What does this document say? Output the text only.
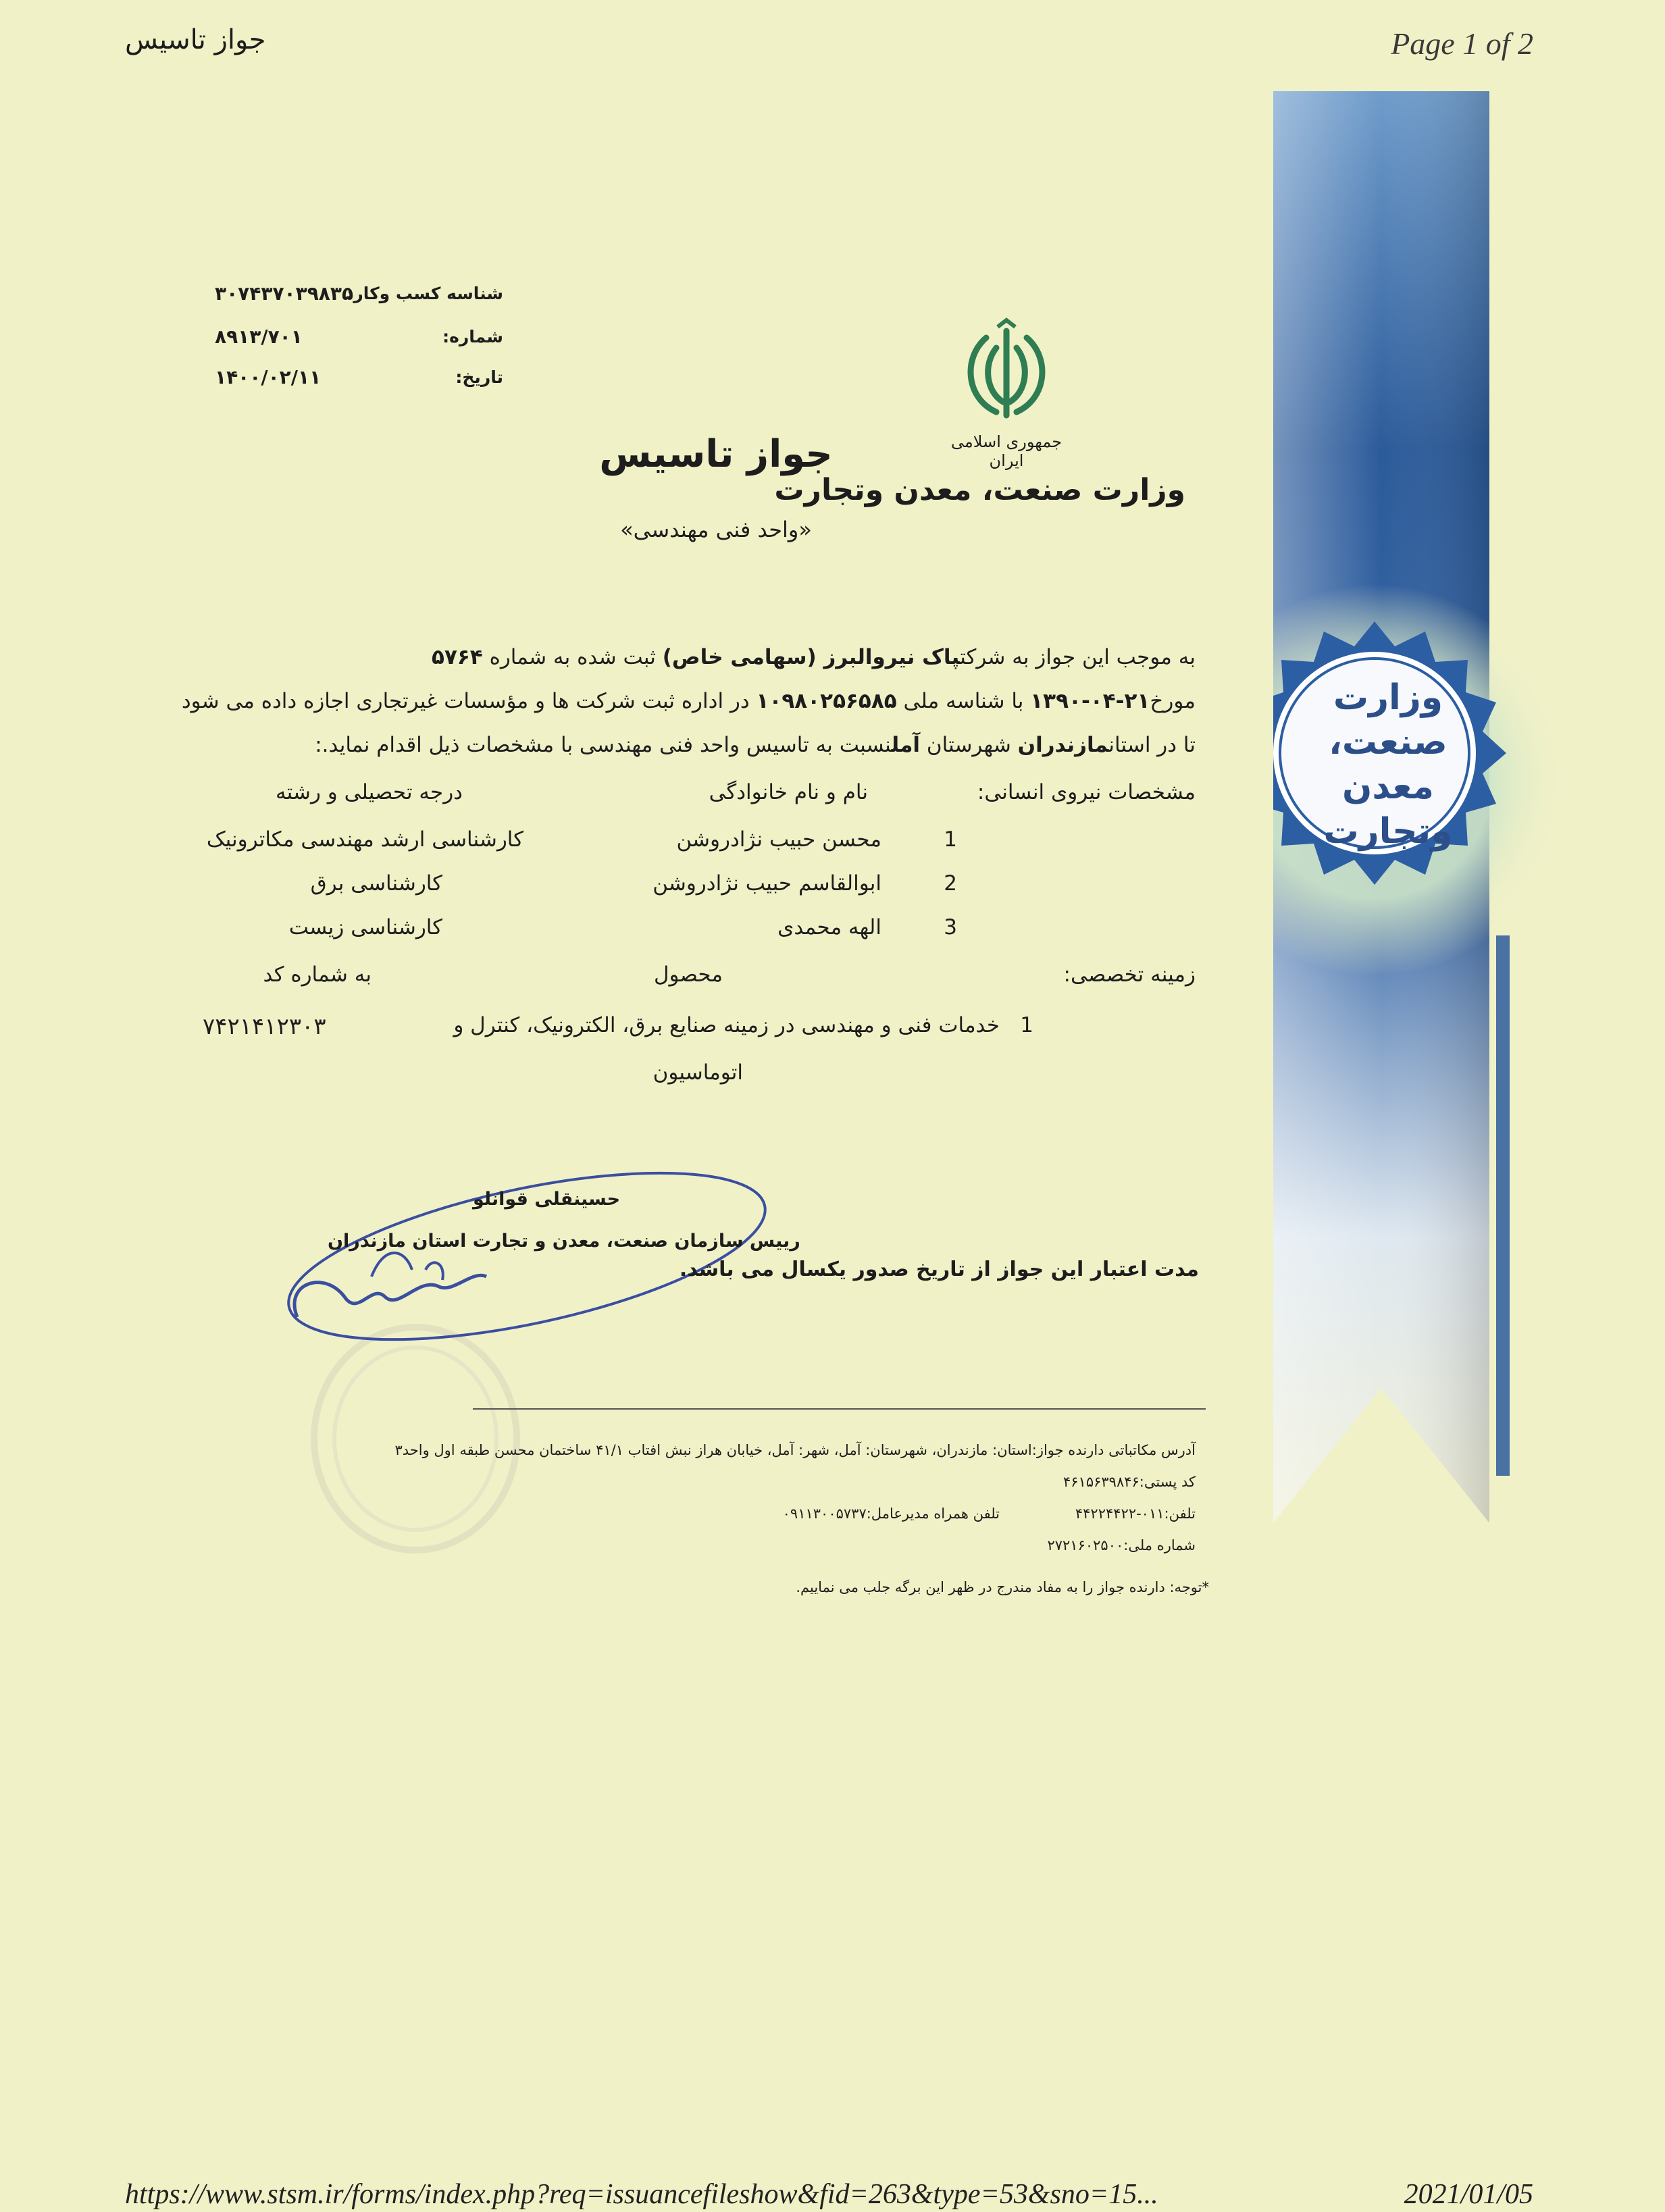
جواز تاسیس	Page 1 of 2
وزارت
صنعت، معدن
وتجارت
جمهوری اسلامی ایران
وزارت صنعت، معدن وتجارت
شناسه کسب وکار:
۳۰۷۴۳۷۰۳۹۸۳۵
شماره:
۸۹۱۳/۷۰۱
تاریخ:
۱۴۰۰/۰۲/۱۱
جواز تاسیس
«واحد فنی مهندسی»
به موجب این جواز به شرکتپاک نیروالبرز (سهامی خاص) ثبت شده به شماره ۵۷۶۴
مورخ۲۱-۰۴-۱۳۹۰ با شناسه ملی ۱۰۹۸۰۲۵۶۵۸۵ در اداره ثبت شرکت ها و مؤسسات غیرتجاری اجازه داده می شود
تا در استانمازندران شهرستان آملنسبت به تاسیس واحد فنی مهندسی با مشخصات ذیل اقدام نماید.:
مشخصات نیروی انسانی:
نام و نام خانوادگی
درجه تحصیلی و رشته
1
محسن حبیب نژادروشن
کارشناسی ارشد مهندسی مکاترونیک
2
ابوالقاسم حبیب نژادروشن
کارشناسی برق
3
الهه محمدی
کارشناسی زیست
زمینه تخصصی:
محصول
به شماره کد
1
خدمات فنی و مهندسی در زمینه صنایع برق، الکترونیک، کنترل و
اتوماسیون
۷۴۲۱۴۱۲۳۰۳
حسینقلی قوانلو
رییس سازمان صنعت، معدن و تجارت استان مازندران
مدت اعتبار این جواز از تاریخ صدور یکسال می باشد.
آدرس مکاتباتی دارنده جواز:استان: مازندران، شهرستان: آمل، شهر: آمل، خیابان هراز نبش افتاب ۴۱/۱ ساختمان محسن طبقه اول واحد۳
کد پستی:۴۶۱۵۶۳۹۸۴۶
تلفن:۰۱۱-۴۴۲۲۴۴۲۲
تلفن همراه مدیرعامل:۰۹۱۱۳۰۰۵۷۳۷
شماره ملی:۲۷۲۱۶۰۲۵۰۰
*توجه: دارنده جواز را به مفاد مندرج در ظهر این برگه جلب می نماییم.
https://www.stsm.ir/forms/index.php?req=issuancefileshow&fid=263&type=53&sno=15...	2021/01/05
